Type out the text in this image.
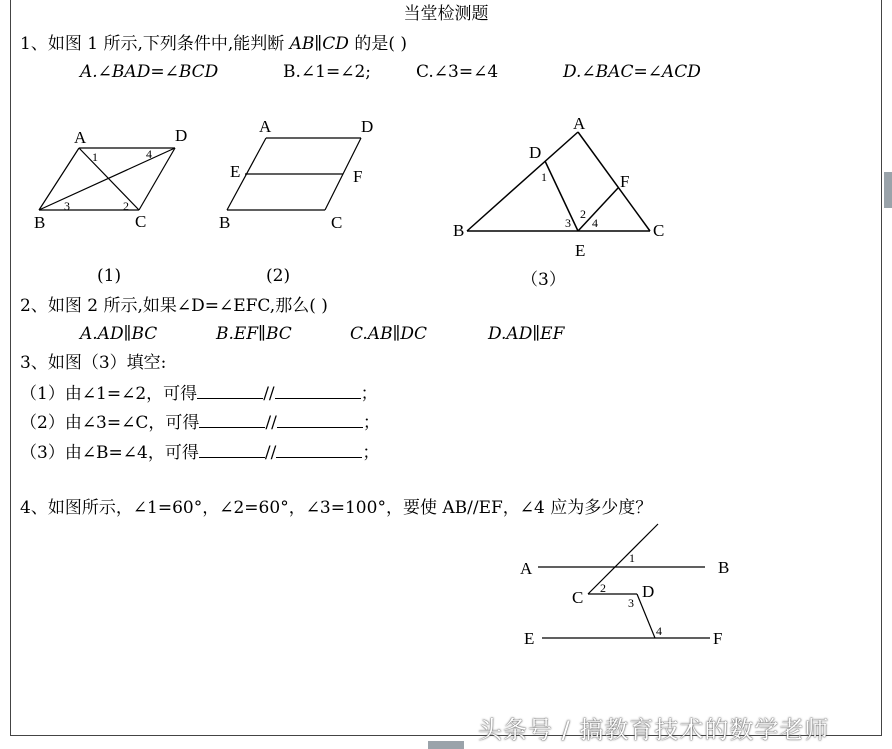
当堂检测题
1、如图 1 所示,下列条件中,能判断 AB∥CD 的是( )
A.∠BAD=∠BCD	B.∠1=∠2;	C.∠3=∠4	D.∠BAC=∠ACD
A	D
B	C
1	4
3	2
A	D
E	F
B	C
A
D
F
1
2
3 4
B
E
C
A	B
C	D
E	F
1
2
3
4
(1)	(2)	（3）
2、如图 2 所示,如果∠D=∠EFC,那么( )
A.AD∥BC	B.EF∥BC	C.AB∥DC	D.AD∥EF
3、如图（3）填空:
（1）由∠1=∠2，可得	//	；
（2）由∠3=∠C，可得	//	；
（3）由∠B=∠4，可得	//	；
4、如图所示，∠1=60°，∠2=60°，∠3=100°，要使 AB//EF，∠4 应为多少度？
头条号 / 搞教育技术的数学老师
